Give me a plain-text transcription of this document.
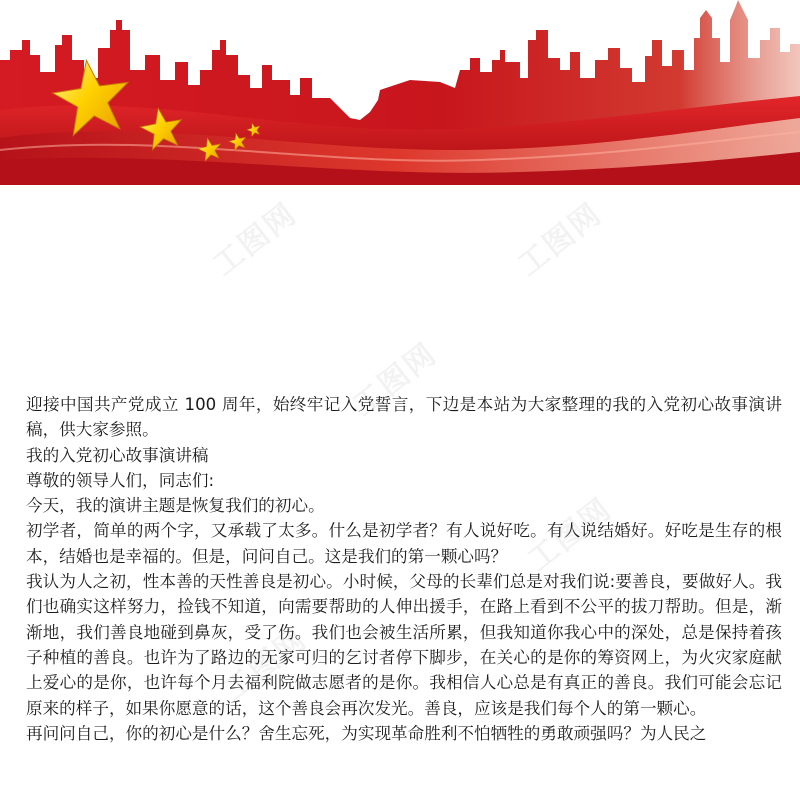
工图网	工图网
工图网
工图网
工图网

迎接中国共产党成立 100 周年，始终牢记入党誓言，下边是本站为大家整理的我的入党初心故事演讲稿，供大家参照。

我的入党初心故事演讲稿

尊敬的领导人们，同志们:

今天，我的演讲主题是恢复我们的初心。

初学者，简单的两个字，又承载了太多。什么是初学者？有人说好吃。有人说结婚好。好吃是生存的根本，结婚也是幸福的。但是，问问自己。这是我们的第一颗心吗？

我认为人之初，性本善的天性善良是初心。小时候，父母的长辈们总是对我们说:要善良，要做好人。我们也确实这样努力，捡钱不知道，向需要帮助的人伸出援手，在路上看到不公平的拔刀帮助。但是，渐渐地，我们善良地碰到鼻灰，受了伤。我们也会被生活所累，但我知道你我心中的深处，总是保持着孩子种植的善良。也许为了路边的无家可归的乞讨者停下脚步，在关心的是你的筹资网上，为火灾家庭献上爱心的是你，也许每个月去福利院做志愿者的是你。我相信人心总是有真正的善良。我们可能会忘记原来的样子，如果你愿意的话，这个善良会再次发光。善良，应该是我们每个人的第一颗心。

再问问自己，你的初心是什么？舍生忘死，为实现革命胜利不怕牺牲的勇敢顽强吗？为人民之
